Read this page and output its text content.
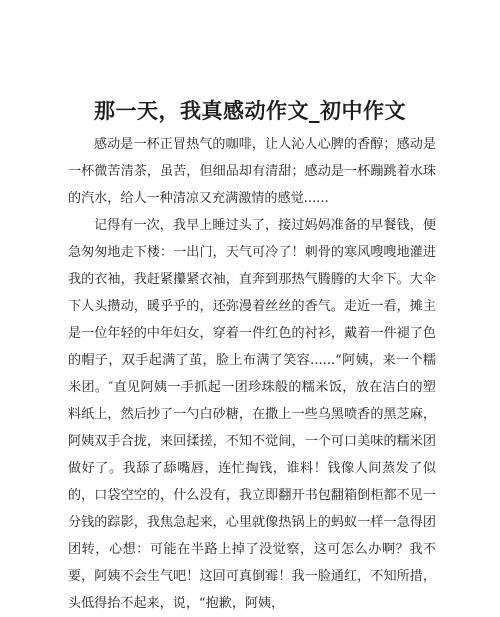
那一天，我真感动作文_初中作文

感动是一杯正冒热气的咖啡，让人沁人心脾的香醇；感动是一杯微苦清茶，虽苦，但细品却有清甜；感动是一杯蹦跳着水珠的汽水，给人一种清凉又充满激情的感觉......

记得有一次，我早上睡过头了，接过妈妈准备的早餐钱，便急匆匆地走下楼：一出门，天气可冷了！刺骨的寒风嗖嗖地灌进我的衣袖，我赶紧攥紧衣袖，直奔到那热气腾腾的大伞下。大伞下人头攒动，暖乎乎的，还弥漫着丝丝的香气。走近一看，摊主是一位年轻的中年妇女，穿着一件红色的衬衫，戴着一件褪了色的帽子，双手起满了茧，脸上布满了笑容......“阿姨，来一个糯米团。″直见阿姨一手抓起一团珍珠般的糯米饭，放在洁白的塑料纸上，然后抄了一勺白砂糖，在撒上一些乌黑喷香的黑芝麻，阿姨双手合拢，来回揉搓，不知不觉间，一个可口美味的糯米团做好了。我舔了舔嘴唇，连忙掏钱，谁料！钱像人间蒸发了似的，口袋空空的，什么没有，我立即翻开书包翻箱倒柜都不见一分钱的踪影，我焦急起来，心里就像热锅上的蚂蚁一样一急得团团转，心想：可能在半路上掉了没觉察，这可怎么办啊？我不要，阿姨不会生气吧！这回可真倒霉！我一脸通红，不知所措，头低得抬不起来，说，“抱歉，阿姨，
